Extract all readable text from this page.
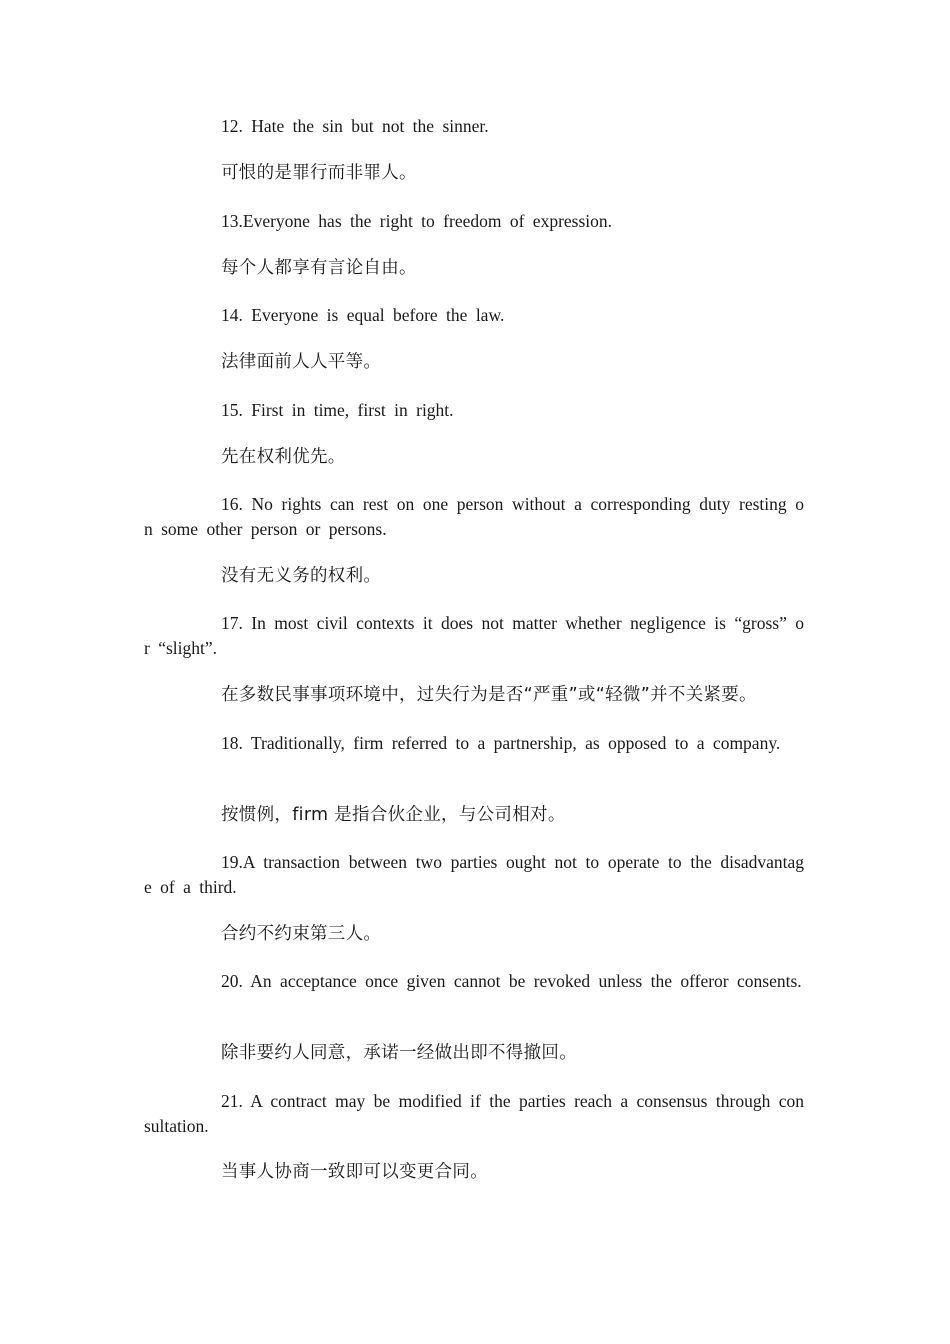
12. Hate the sin but not the sinner.

可恨的是罪行而非罪人。

13.Everyone has the right to freedom of expression.

每个人都享有言论自由。

14. Everyone is equal before the law.

法律面前人人平等。

15. First in time, first in right.

先在权利优先。

16. No rights can rest on one person without a corresponding duty resting on some other person or persons.

没有无义务的权利。

17. In most civil contexts it does not matter whether negligence is “gross” or “slight”.

在多数民事事项环境中，过失行为是否“严重”或“轻微”并不关紧要。

18. Traditionally, firm referred to a partnership, as opposed to a company.

按惯例，firm 是指合伙企业，与公司相对。

19.A transaction between two parties ought not to operate to the disadvantage of a third.

合约不约束第三人。

20. An acceptance once given cannot be revoked unless the offeror consents.

除非要约人同意，承诺一经做出即不得撤回。

21. A contract may be modified if the parties reach a consensus through consultation.

当事人协商一致即可以变更合同。
